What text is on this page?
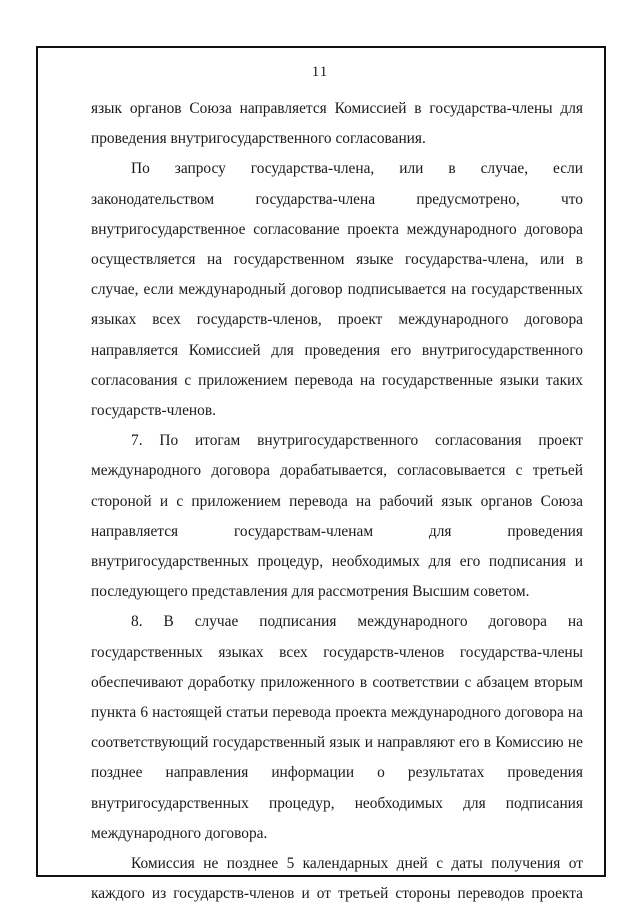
11

язык органов Союза направляется Комиссией в государства-члены для проведения внутригосударственного согласования.

По запросу государства-члена, или в случае, если законодательством государства-члена предусмотрено, что внутригосударственное согласование проекта международного договора осуществляется на государственном языке государства-члена, или в случае, если международный договор подписывается на государственных языках всех государств-членов, проект международного договора направляется Комиссией для проведения его внутригосударственного согласования с приложением перевода на государственные языки таких государств-членов.

7. По итогам внутригосударственного согласования проект международного договора дорабатывается, согласовывается с третьей стороной и с приложением перевода на рабочий язык органов Союза направляется государствам-членам для проведения внутригосударственных процедур, необходимых для его подписания и последующего представления для рассмотрения Высшим советом.

8. В случае подписания международного договора на государственных языках всех государств-членов государства-члены обеспечивают доработку приложенного в соответствии с абзацем вторым пункта 6 настоящей статьи перевода проекта международного договора на соответствующий государственный язык и направляют его в Комиссию не позднее направления информации о результатах проведения внутригосударственных процедур, необходимых для подписания международного договора.

Комиссия не позднее 5 календарных дней с даты получения от каждого из государств-членов и от третьей стороны переводов проекта
